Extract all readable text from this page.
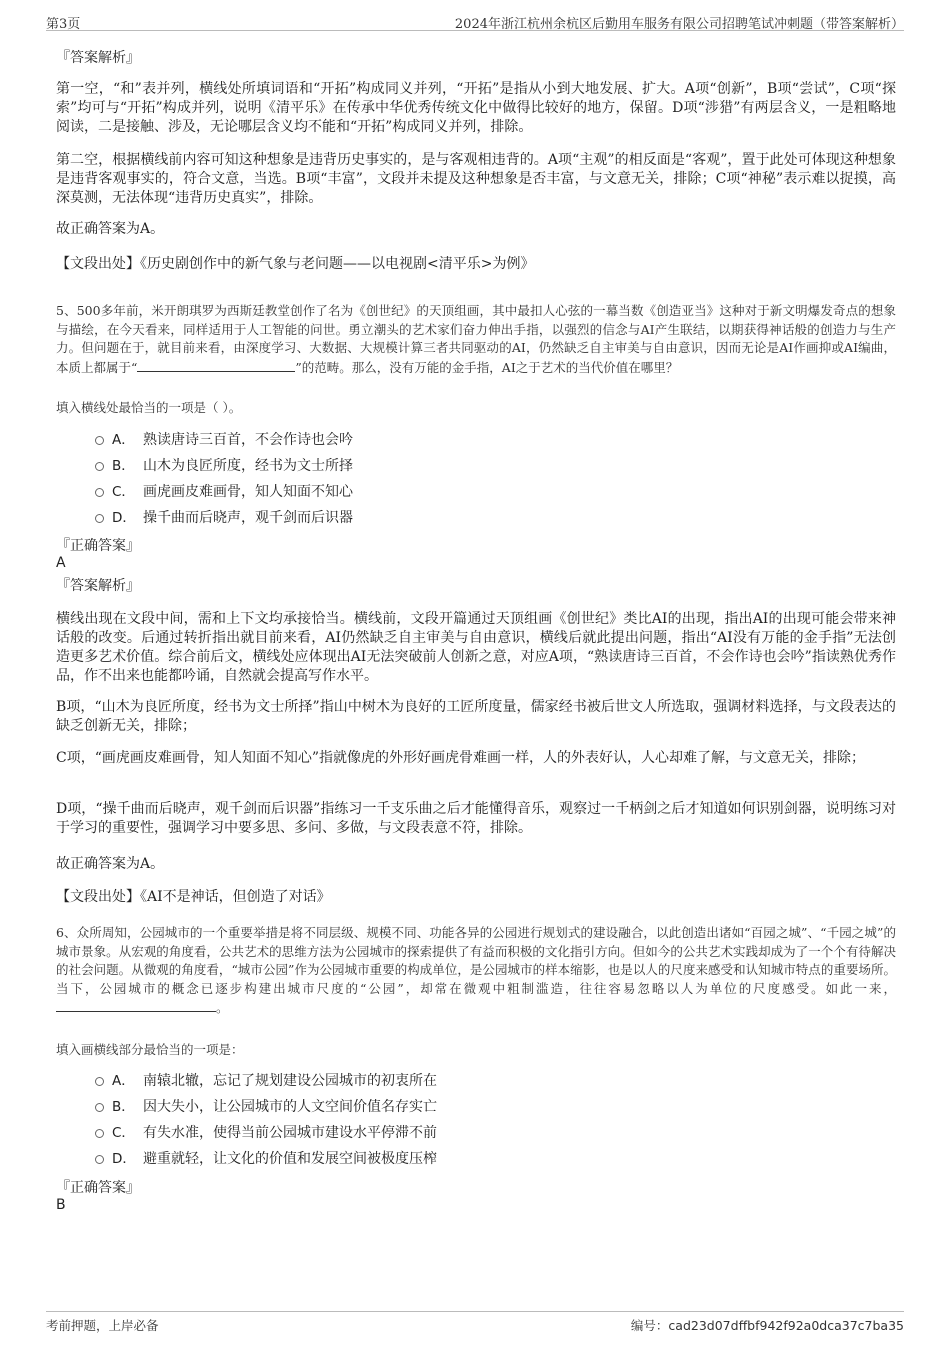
第3页	2024年浙江杭州余杭区后勤用车服务有限公司招聘笔试冲刺题（带答案解析）
『答案解析』

第一空，“和”表并列，横线处所填词语和“开拓”构成同义并列，“开拓”是指从小到大地发展、扩大。A项“创新”，B项“尝试”，C项“探索”均可与“开拓”构成并列，说明《清平乐》在传承中华优秀传统文化中做得比较好的地方，保留。D项“涉猎”有两层含义，一是粗略地阅读，二是接触、涉及，无论哪层含义均不能和“开拓”构成同义并列，排除。

第二空，根据横线前内容可知这种想象是违背历史事实的，是与客观相违背的。A项“主观”的相反面是“客观”，置于此处可体现这种想象是违背客观事实的，符合文意，当选。B项“丰富”，文段并未提及这种想象是否丰富，与文意无关，排除；C项“神秘”表示难以捉摸，高深莫测，无法体现“违背历史真实”，排除。

故正确答案为A。
【文段出处】《历史剧创作中的新气象与老问题——以电视剧<清平乐>为例》

5、500多年前，米开朗琪罗为西斯廷教堂创作了名为《创世纪》的天顶组画，其中最扣人心弦的一幕当数《创造亚当》这种对于新文明爆发奇点的想象与描绘，在今天看来，同样适用于人工智能的问世。勇立潮头的艺术家们奋力伸出手指，以强烈的信念与AI产生联结，以期获得神话般的创造力与生产力。但问题在于，就目前来看，由深度学习、大数据、大规模计算三者共同驱动的AI，仍然缺乏自主审美与自由意识，因而无论是AI作画抑或AI编曲，本质上都属于“	”的范畴。那么，没有万能的金手指，AI之于艺术的当代价值在哪里？

填入横线处最恰当的一项是（ ）。
A． 熟读唐诗三百首，不会作诗也会吟
B． 山木为良匠所度，经书为文士所择
C． 画虎画皮难画骨，知人知面不知心
D． 操千曲而后晓声，观千剑而后识器
『正确答案』
A
『答案解析』

横线出现在文段中间，需和上下文均承接恰当。横线前，文段开篇通过天顶组画《创世纪》类比AI的出现，指出AI的出现可能会带来神话般的改变。后通过转折指出就目前来看，AI仍然缺乏自主审美与自由意识，横线后就此提出问题，指出“AI没有万能的金手指”无法创造更多艺术价值。综合前后文，横线处应体现出AI无法突破前人创新之意，对应A项，“熟读唐诗三百首，不会作诗也会吟”指读熟优秀作品，作不出来也能都吟诵，自然就会提高写作水平。

B项，“山木为良匠所度，经书为文士所择”指山中树木为良好的工匠所度量，儒家经书被后世文人所选取，强调材料选择，与文段表达的缺乏创新无关，排除；

C项，“画虎画皮难画骨，知人知面不知心”指就像虎的外形好画虎骨难画一样，人的外表好认，人心却难了解，与文意无关，排除；

D项，“操千曲而后晓声，观千剑而后识器”指练习一千支乐曲之后才能懂得音乐，观察过一千柄剑之后才知道如何识别剑器，说明练习对于学习的重要性，强调学习中要多思、多问、多做，与文段表意不符，排除。

故正确答案为A。
【文段出处】《AI不是神话，但创造了对话》

6、众所周知，公园城市的一个重要举措是将不同层级、规模不同、功能各异的公园进行规划式的建设融合，以此创造出诸如“百园之城”、“千园之城”的城市景象。从宏观的角度看，公共艺术的思维方法为公园城市的探索提供了有益而积极的文化指引方向。但如今的公共艺术实践却成为了一个个有待解决的社会问题。从微观的角度看，“城市公园”作为公园城市重要的构成单位，是公园城市的样本缩影，也是以人的尺度来感受和认知城市特点的重要场所。当下，公园城市的概念已逐步构建出城市尺度的“公园”，却常在微观中粗制滥造，往往容易忽略以人为单位的尺度感受。如此一来，。

填入画横线部分最恰当的一项是：
A． 南辕北辙，忘记了规划建设公园城市的初衷所在
B． 因大失小，让公园城市的人文空间价值名存实亡
C． 有失水准，使得当前公园城市建设水平停滞不前
D． 避重就轻，让文化的价值和发展空间被极度压榨
『正确答案』
B
考前押题，上岸必备	编号：cad23d07dffbf942f92a0dca37c7ba35
